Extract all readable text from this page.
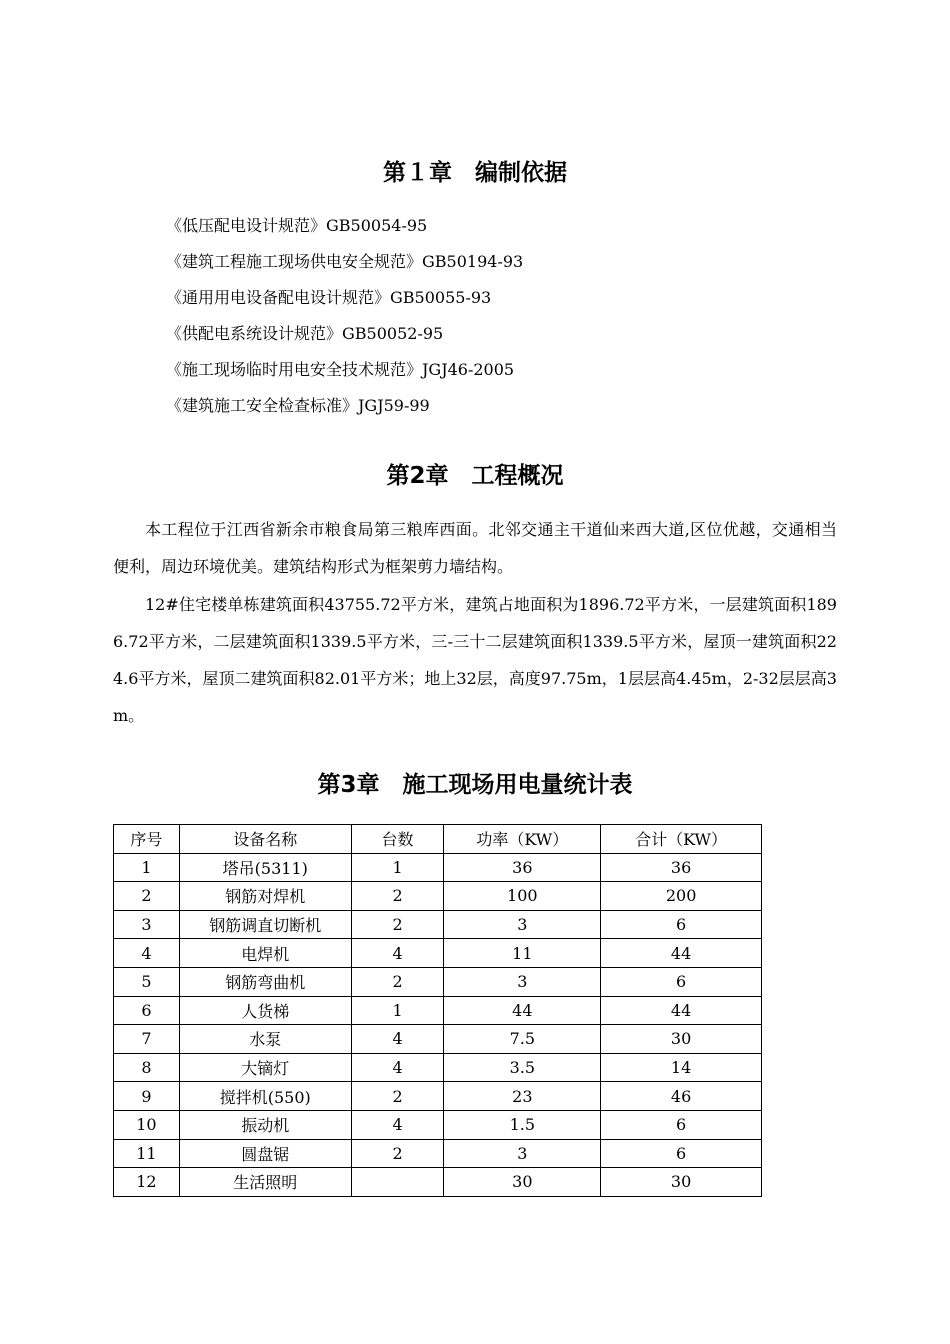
第１章　编制依据
《低压配电设计规范》GB50054-95
《建筑工程施工现场供电安全规范》GB50194-93
《通用用电设备配电设计规范》GB50055-93
《供配电系统设计规范》GB50052-95
《施工现场临时用电安全技术规范》JGJ46-2005
《建筑施工安全检查标准》JGJ59-99
第2章　工程概况

本工程位于江西省新余市粮食局第三粮库西面。北邻交通主干道仙来西大道,区位优越，交通相当便利，周边环境优美。建筑结构形式为框架剪力墙结构。

12#住宅楼单栋建筑面积43755.72平方米，建筑占地面积为1896.72平方米，一层建筑面积1896.72平方米，二层建筑面积1339.5平方米，三-三十二层建筑面积1339.5平方米，屋顶一建筑面积224.6平方米，屋顶二建筑面积82.01平方米；地上32层，高度97.75m，1层层高4.45m，2-32层层高3m。

第3章　施工现场用电量统计表
序号	设备名称	台数	功率（KW）	合计（KW）
1	塔吊(5311)	1	36	36
2	钢筋对焊机	2	100	200
3	钢筋调直切断机	2	3	6
4	电焊机	4	11	44
5	钢筋弯曲机	2	3	6
6	人货梯	1	44	44
7	水泵	4	7.5	30
8	大镝灯	4	3.5	14
9	搅拌机(550)	2	23	46
10	振动机	4	1.5	6
11	圆盘锯	2	3	6
12	生活照明		30	30
